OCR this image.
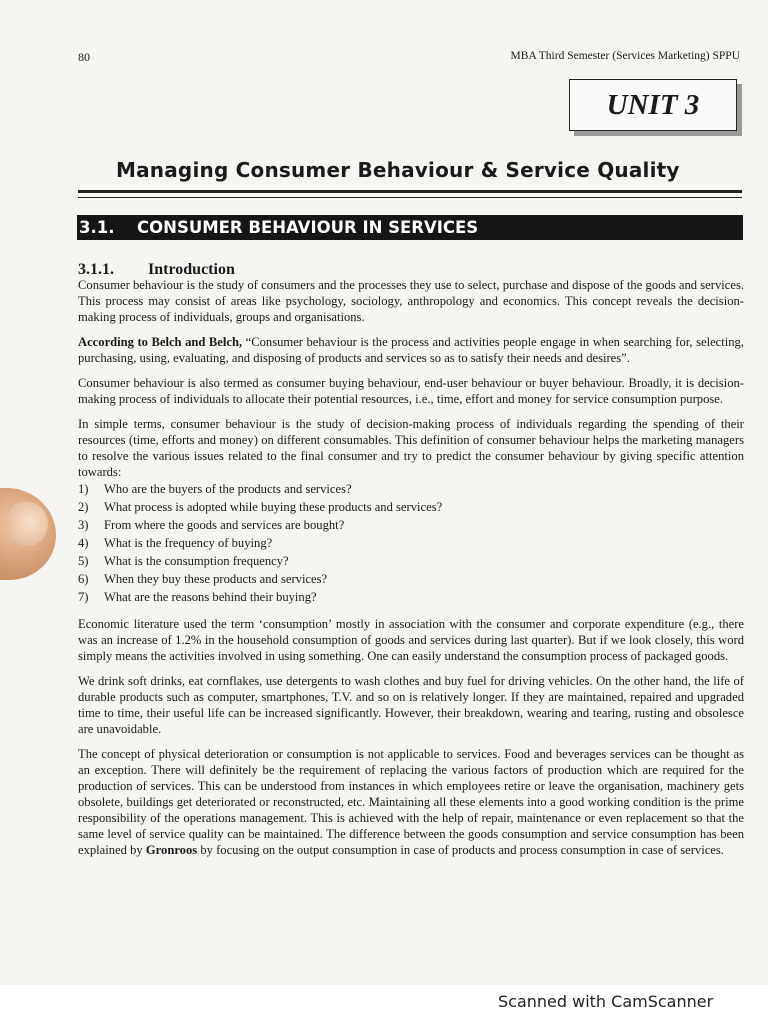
80	MBA Third Semester (Services Marketing) SPPU
UNIT 3
Managing Consumer Behaviour & Service Quality
3.1. CONSUMER BEHAVIOUR IN SERVICES
3.1.1. Introduction

Consumer behaviour is the study of consumers and the processes they use to select, purchase and dispose of the goods and services. This process may consist of areas like psychology, sociology, anthropology and economics. This concept reveals the decision-making process of individuals, groups and organisations.

According to Belch and Belch, “Consumer behaviour is the process and activities people engage in when searching for, selecting, purchasing, using, evaluating, and disposing of products and services so as to satisfy their needs and desires”.

Consumer behaviour is also termed as consumer buying behaviour, end-user behaviour or buyer behaviour. Broadly, it is decision-making process of individuals to allocate their potential resources, i.e., time, effort and money for service consumption purpose.

In simple terms, consumer behaviour is the study of decision-making process of individuals regarding the spending of their resources (time, efforts and money) on different consumables. This definition of consumer behaviour helps the marketing managers to resolve the various issues related to the final consumer and try to predict the consumer behaviour by giving specific attention towards:

1) Who are the buyers of the products and services?
2) What process is adopted while buying these products and services?
3) From where the goods and services are bought?
4) What is the frequency of buying?
5) What is the consumption frequency?
6) When they buy these products and services?
7) What are the reasons behind their buying?

Economic literature used the term ‘consumption’ mostly in association with the consumer and corporate expenditure (e.g., there was an increase of 1.2% in the household consumption of goods and services during last quarter). But if we look closely, this word simply means the activities involved in using something. One can easily understand the consumption process of packaged goods.

We drink soft drinks, eat cornflakes, use detergents to wash clothes and buy fuel for driving vehicles. On the other hand, the life of durable products such as computer, smartphones, T.V. and so on is relatively longer. If they are maintained, repaired and upgraded time to time, their useful life can be increased significantly. However, their breakdown, wearing and tearing, rusting and obsolesce are unavoidable.

The concept of physical deterioration or consumption is not applicable to services. Food and beverages services can be thought as an exception. There will definitely be the requirement of replacing the various factors of production which are required for the production of services. This can be understood from instances in which employees retire or leave the organisation, machinery gets obsolete, buildings get deteriorated or reconstructed, etc. Maintaining all these elements into a good working condition is the prime responsibility of the operations management. This is achieved with the help of repair, maintenance or even replacement so that the same level of service quality can be maintained. The difference between the goods consumption and service consumption has been explained by Gronroos by focusing on the output consumption in case of products and process consumption in case of services.

Scanned with CamScanner
